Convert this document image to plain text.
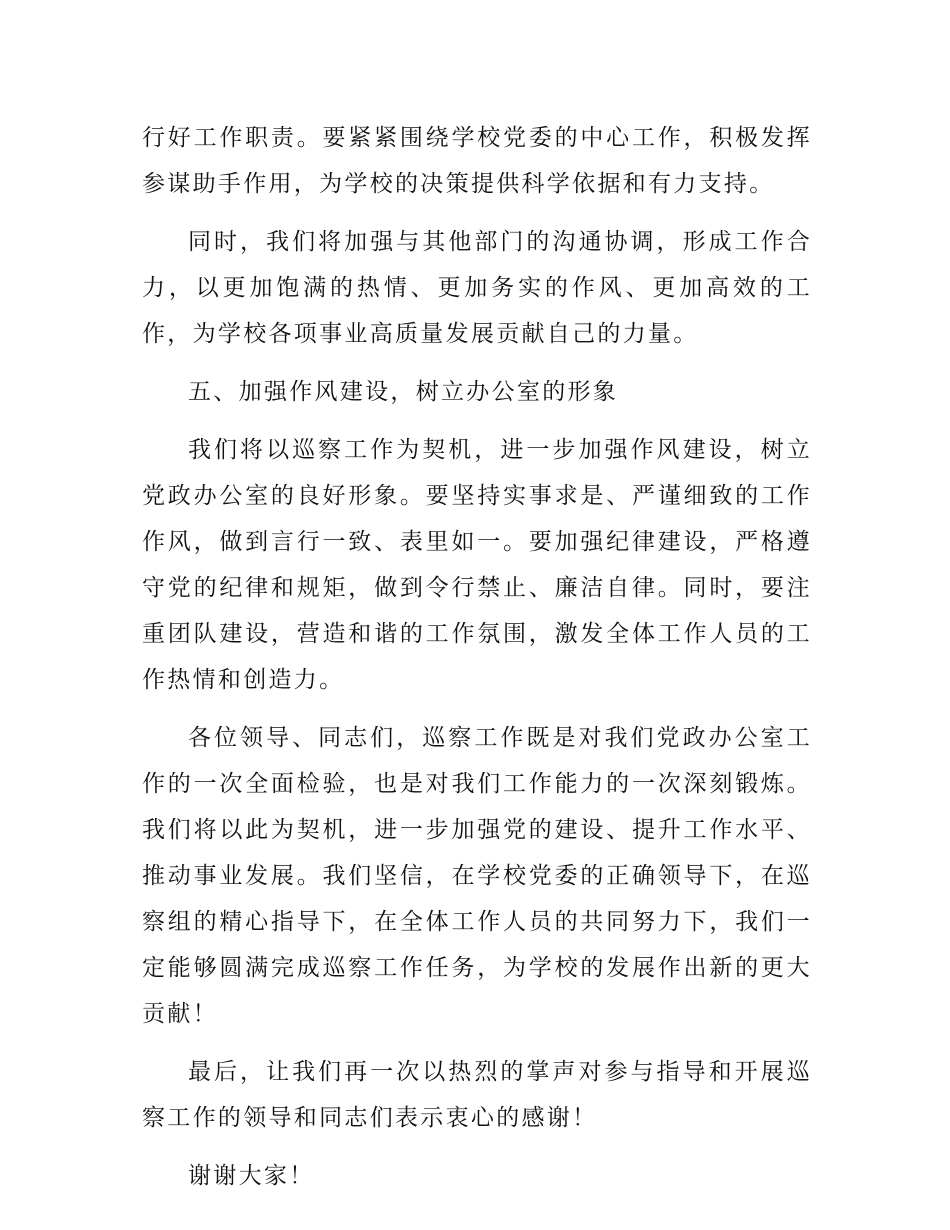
行好工作职责。要紧紧围绕学校党委的中心工作，积极发挥参谋助手作用，为学校的决策提供科学依据和有力支持。

同时，我们将加强与其他部门的沟通协调，形成工作合力，以更加饱满的热情、更加务实的作风、更加高效的工作，为学校各项事业高质量发展贡献自己的力量。

五、加强作风建设，树立办公室的形象

我们将以巡察工作为契机，进一步加强作风建设，树立党政办公室的良好形象。要坚持实事求是、严谨细致的工作作风，做到言行一致、表里如一。要加强纪律建设，严格遵守党的纪律和规矩，做到令行禁止、廉洁自律。同时，要注重团队建设，营造和谐的工作氛围，激发全体工作人员的工作热情和创造力。

各位领导、同志们，巡察工作既是对我们党政办公室工作的一次全面检验，也是对我们工作能力的一次深刻锻炼。我们将以此为契机，进一步加强党的建设、提升工作水平、推动事业发展。我们坚信，在学校党委的正确领导下，在巡察组的精心指导下，在全体工作人员的共同努力下，我们一定能够圆满完成巡察工作任务，为学校的发展作出新的更大贡献！

最后，让我们再一次以热烈的掌声对参与指导和开展巡察工作的领导和同志们表示衷心的感谢！

谢谢大家！
